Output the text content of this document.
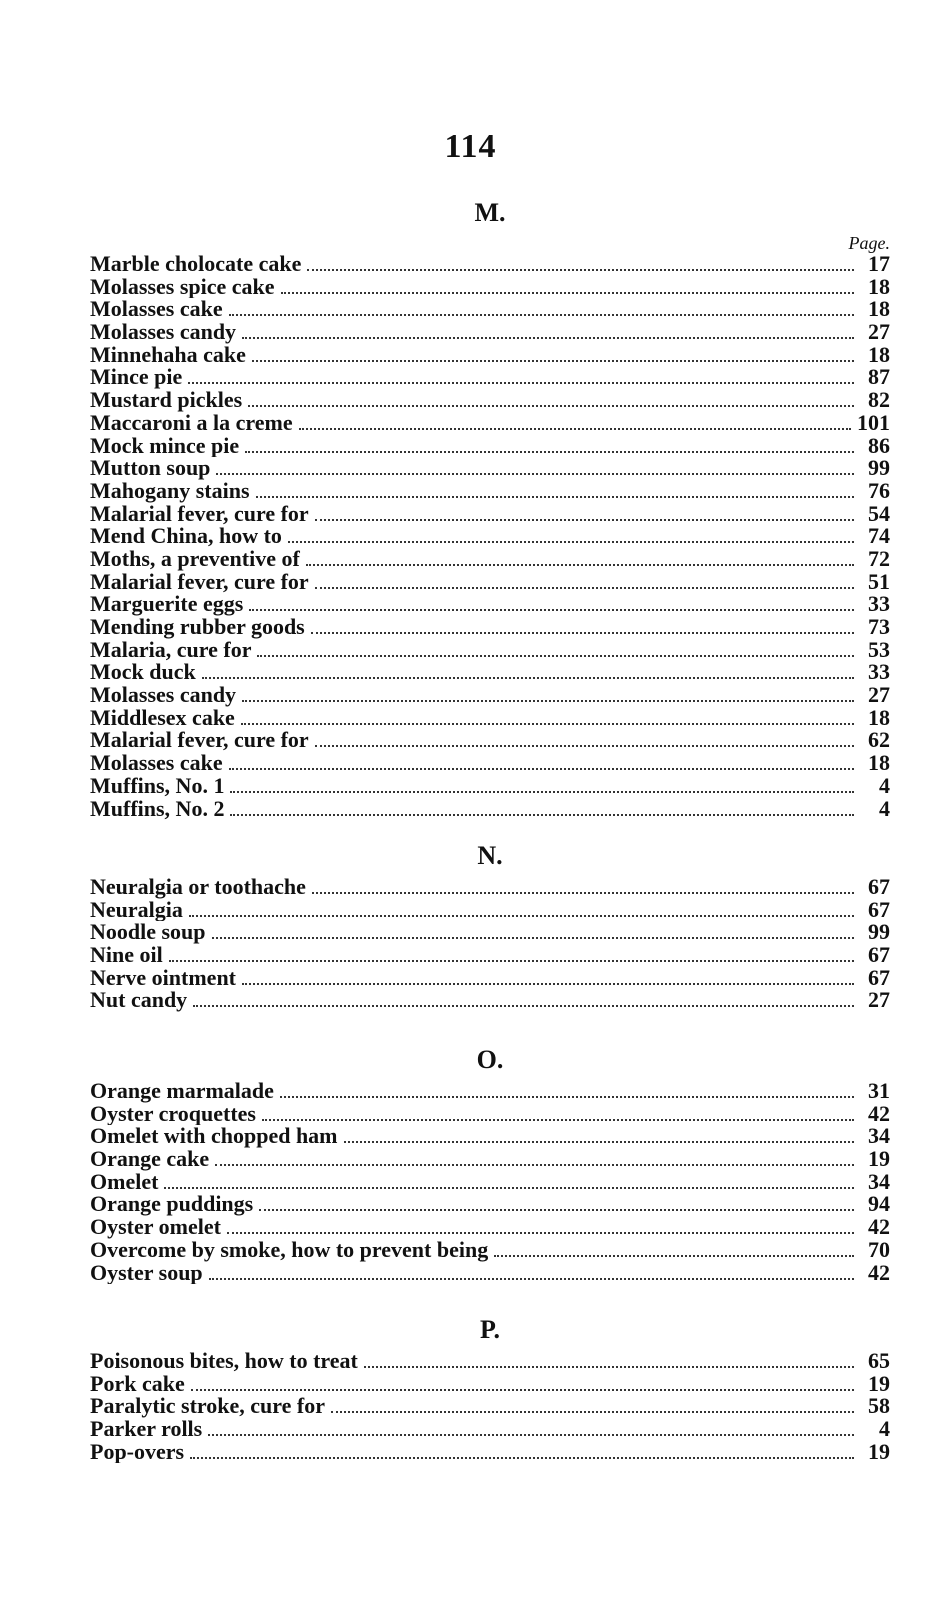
114
M.
Page.
Marble cholocate cake	17
Molasses spice cake	18
Molasses cake	18
Molasses candy	27
Minnehaha cake	18
Mince pie	87
Mustard pickles	82
Maccaroni a la creme	101
Mock mince pie	86
Mutton soup	99
Mahogany stains	76
Malarial fever, cure for	54
Mend China, how to	74
Moths, a preventive of	72
Malarial fever, cure for	51
Marguerite eggs	33
Mending rubber goods	73
Malaria, cure for	53
Mock duck	33
Molasses candy	27
Middlesex cake	18
Malarial fever, cure for	62
Molasses cake	18
Muffins, No. 1	4
Muffins, No. 2	4
N.
Neuralgia or toothache	67
Neuralgia	67
Noodle soup	99
Nine oil	67
Nerve ointment	67
Nut candy	27
O.
Orange marmalade	31
Oyster croquettes	42
Omelet with chopped ham	34
Orange cake	19
Omelet	34
Orange puddings	94
Oyster omelet	42
Overcome by smoke, how to prevent being	70
Oyster soup	42
P.
Poisonous bites, how to treat	65
Pork cake	19
Paralytic stroke, cure for	58
Parker rolls	4
Pop-overs	19
